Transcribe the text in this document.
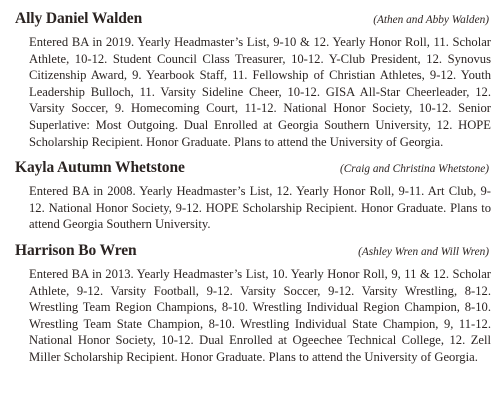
Ally Daniel Walden	(Athen and Abby Walden)

Entered BA in 2019. Yearly Headmaster’s List, 9-10 & 12. Yearly Honor Roll, 11. Scholar Athlete, 10-12. Student Council Class Treasurer, 10-12. Y-Club President, 12. Synovus Citizenship Award, 9. Yearbook Staff, 11. Fellowship of Christian Athletes, 9-12. Youth Leadership Bulloch, 11. Varsity Sideline Cheer, 10-12. GISA All-Star Cheerleader, 12. Varsity Soccer, 9. Homecoming Court, 11-12. National Honor Society, 10-12. Senior Superlative: Most Outgoing. Dual Enrolled at Georgia Southern University, 12. HOPE Scholarship Recipient. Honor Graduate. Plans to attend the University of Georgia.

Kayla Autumn Whetstone	(Craig and Christina Whetstone)

Entered BA in 2008. Yearly Headmaster’s List, 12. Yearly Honor Roll, 9-11. Art Club, 9-12. National Honor Society, 9-12. HOPE Scholarship Recipient. Honor Graduate. Plans to attend Georgia Southern University.

Harrison Bo Wren	(Ashley Wren and Will Wren)

Entered BA in 2013. Yearly Headmaster’s List, 10. Yearly Honor Roll, 9, 11 & 12. Scholar Athlete, 9-12. Varsity Football, 9-12. Varsity Soccer, 9-12. Varsity Wrestling, 8-12. Wrestling Team Region Champions, 8-10. Wrestling Individual Region Champion, 8-10. Wrestling Team State Champion, 8-10. Wrestling Individual State Champion, 9, 11-12. National Honor Society, 10-12. Dual Enrolled at Ogeechee Technical College, 12. Zell Miller Scholarship Recipient. Honor Graduate. Plans to attend the University of Georgia.
